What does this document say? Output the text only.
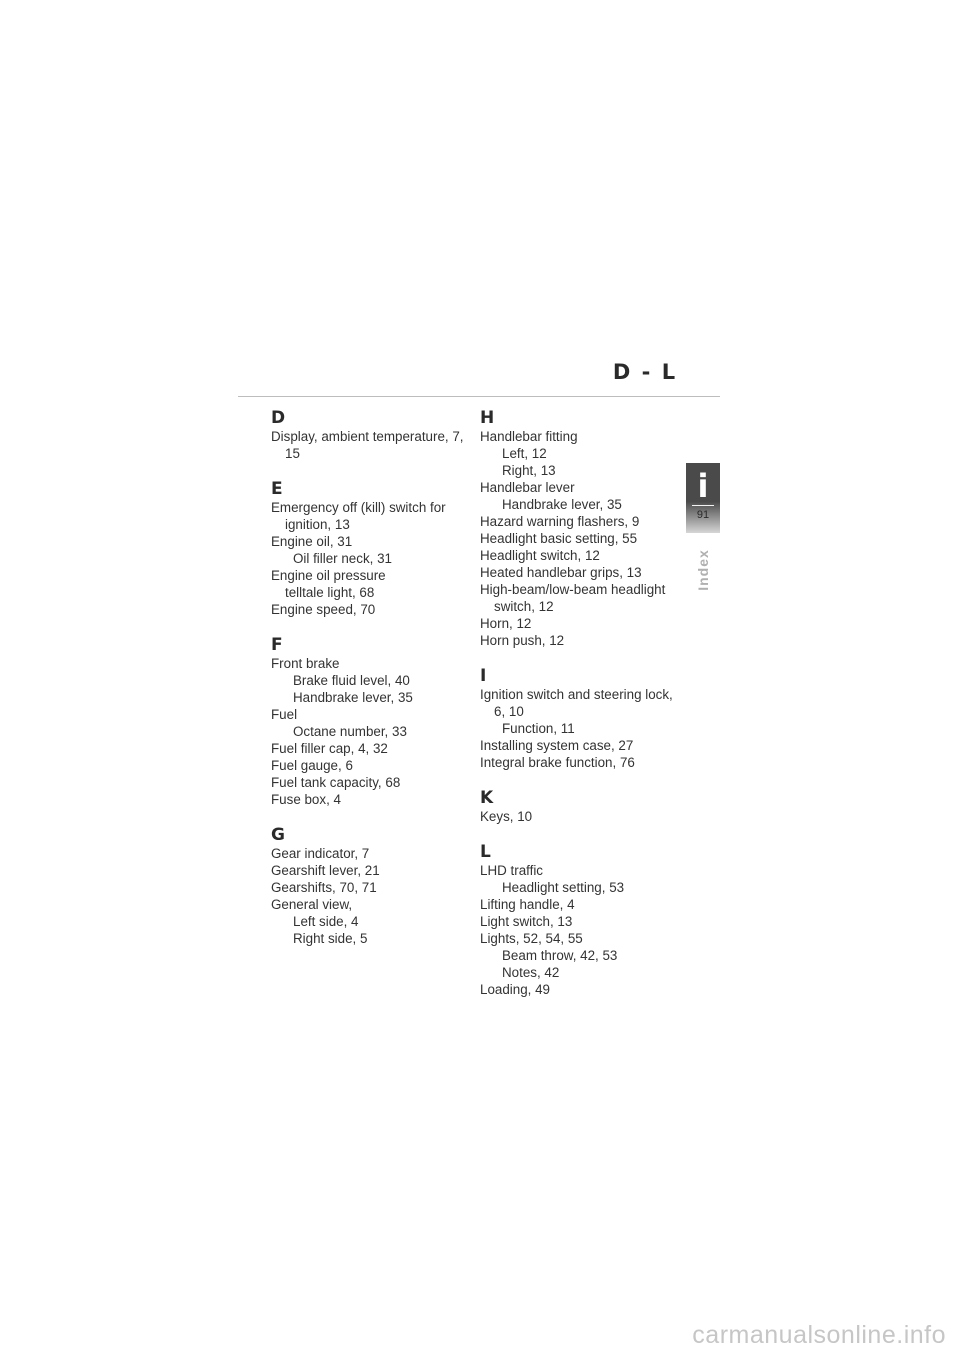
D - L
D
Display, ambient temperature, 7,
15
E
Emergency off (kill) switch for
ignition, 13
Engine oil, 31
Oil filler neck, 31
Engine oil pressure
telltale light, 68
Engine speed, 70
F
Front brake
Brake fluid level, 40
Handbrake lever, 35
Fuel
Octane number, 33
Fuel filler cap, 4, 32
Fuel gauge, 6
Fuel tank capacity, 68
Fuse box, 4
G
Gear indicator, 7
Gearshift lever, 21
Gearshifts, 70, 71
General view,
Left side, 4
Right side, 5
H
Handlebar fitting
Left, 12
Right, 13
Handlebar lever
Handbrake lever, 35
Hazard warning flashers, 9
Headlight basic setting, 55
Headlight switch, 12
Heated handlebar grips, 13
High-beam/low-beam headlight
switch, 12
Horn, 12
Horn push, 12
I
Ignition switch and steering lock,
6, 10
Function, 11
Installing system case, 27
Integral brake function, 76
K
Keys, 10
L
LHD traffic
Headlight setting, 53
Lifting handle, 4
Light switch, 13
Lights, 52, 54, 55
Beam throw, 42, 53
Notes, 42
Loading, 49
i
91
Index
carmanualsonline.info
